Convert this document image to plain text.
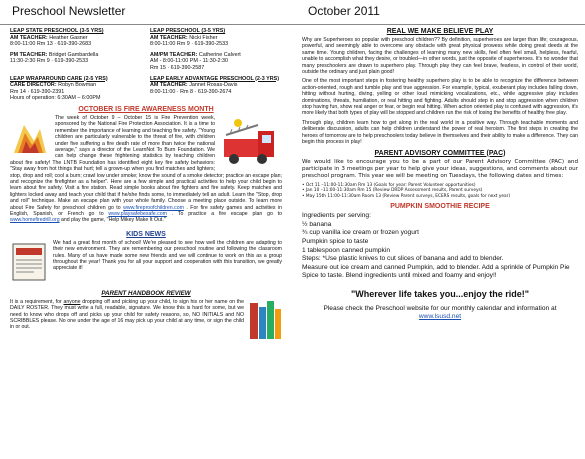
Preschool Newsletter	October 2011
LEAP STATE PRESCHOOL (3-5 YRS)
AM TEACHER: Heather Gasner
8:00-11:00 Rm 13 · 619-390-2683
LEAP PRESCHOOL (3-5 YRS)
AM TEACHER: Nicki Fisher
8:00-11:00 Rm 9 · 619-390-2533
PM TEACHER: Bridget Gambardella
11:30-2:30 Rm 9 · 619-390-2533
AM/PM TEACHER: Catherine Calvert
AM - 8:00-11:00 PM - 11:30-2:30
Rm 15 · 619-390-2587
LEAP WRAPAROUND CARE (2-5 YRS)
CARE DIRECTOR: Robyn Bowman
Rm 14 · 619-390-2391
Hours of operation: 6:30AM – 6:00PM
LEAP EARLY ADVANTAGE PRESCHOOL (2-3 YRS)
AM TEACHER: Jannet Rosas-Davis
8:00-11:00 · Rm 8 · 619-390-2674
OCTOBER IS FIRE AWARENESS MONTH

The week of October 9 – October 15 is Fire Prevention week, sponsored by the National Fire Protection Association. It is a time to remember the importance of learning and teaching fire safety. "Young children are particularly vulnerable to the threat of fire, with children under five suffering a fire death rate of more than twice the national average," says a director of the LearnNot To Burn Foundation. We can help change these frightening statistics by teaching children about fire safety! The LNTB Foundation has identified eight key fire safety behaviors: "Stay away from hot things that hurt; tell a grown-up when you find matches and lighters; stop, drop and roll; cool a burn; crawl low under smoke; know the sound of a smoke detector; practice an escape plan; and recognize the firefighter as a helper". Here are a few simple and practical activities to help your child begin to learn about fire safety. Visit a fire station. Read simple books about fire fighters and fire safety. Keep matches and lighters locked away and teach your child that if he/she finds some, to immediately tell an adult. Learn the "Stop, drop and roll" technique. Make an escape plan with your whole family. Choose a meeting place outside. To learn more about Fire Safety for preschool children go to www.fireproofchildren.com . For fire safety games and activities in English, Spanish, or French go to www.playsafebesafe.com . To practice a fire escape plan go to www.homefiredrill.org and play the game, "Help Mikey Make It Out."

KIDS NEWS

We had a great first month of school! We're pleased to see how well the children are adapting to their new environment. They are remembering our preschool routine and following the classroom rules. Many of us have made some new friends and we will continue to work on this as a group throughout the year! Thank you for all your support and cooperation with this transition, we greatly appreciate it!

PARENT HANDBOOK REVIEW

It is a requirement, for anyone dropping off and picking up your child, to sign his or her name on the DAILY ROSTER. They must write a full, readable, signature. We know this is hard for some, but we need to know who drops off and picks up your child for safety reasons, so, NO INITIALS and NO SCRIBBLES please. No one under the age of 16 may pick up your child at any time, or sign the child in or out.

REAL WE MAKE BELIEVE PLAY

Why are Superheroes so popular with preschool children?? By definition, superheroes are larger than life; courageous, powerful, and seemingly able to overcome any obstacle with great physical prowess while doing great deeds at the same time. Young children, facing the challenges of learning many new skills, feel often feel small, helpless, fearful, unable to accomplish what they desire, or troubled—in other words, just the opposite of superheroes. It's no wonder that many preschoolers are drawn to superhero play. Through play they can feel brave, fearless, in control of their world, outside the ordinary and just plain good!

One of the most important steps in fostering healthy superhero play is to be able to recognize the difference between action-oriented, rough and tumble play and true aggression. For example, typical, exuberant play includes falling down, hitting without hurting, diving, yelling or other loud mimicking vocalizations, etc., while aggressive play includes dominations, threats, humiliation, or real hitting and fighting. Adults should step in and stop aggression when children stop having fun, show real anger or fear, or begin real hitting. When action oriented play is confused with aggression, it's more likely that both types of play will be stopped and children run the risk of losing the benefits of healthy free play.

Through play, children learn how to get along in the real world in a positive way. Through teachable moments and deliberate discussion, adults can help children understand the power of real heroism. The first steps in creating the heroes of tomorrow are to help preschoolers today believe in themselves and their ability to make a difference. They can begin this process in play!

PARENT ADVISORY COMMITTEE (PAC)

We would like to encourage you to be a part of our Parent Advisory Committee (PAC) and participate in 3 meetings per year to help give your ideas, suggestions, and comments about our preschool program. This year we will be meeting on Tuesdays, the following dates and times:

• Oct 11 –11:00-11:30am Rm 13 (Goals for year: Parent Volunteer opportunities)
• Jan 10 –11:00-11:30am Rm 15 (Review DRDP Assessment results, Parent surveys)
• May 15th 11:00-11:30am Room 13 (Review Parent surveys, ECERS results, goals for next year)
PUMPKIN SMOOTHIE RECIPE
Ingredients per serving:
½ banana
¾ cup vanilla ice cream or frozen yogurt
Pumpkin spice to taste
1 tablespoon canned pumpkin
Steps: *Use plastic knives to cut slices of banana and add to blender.
Measure out ice cream and canned Pumpkin, add to blender. Add a sprinkle of Pumpkin Pie Spice to taste. Blend ingredients until mixed and foamy and enjoy!!
"Wherever life takes you...enjoy the ride!"
Please check the Preschool website for our monthly calendar and information at www.lsusd.net
